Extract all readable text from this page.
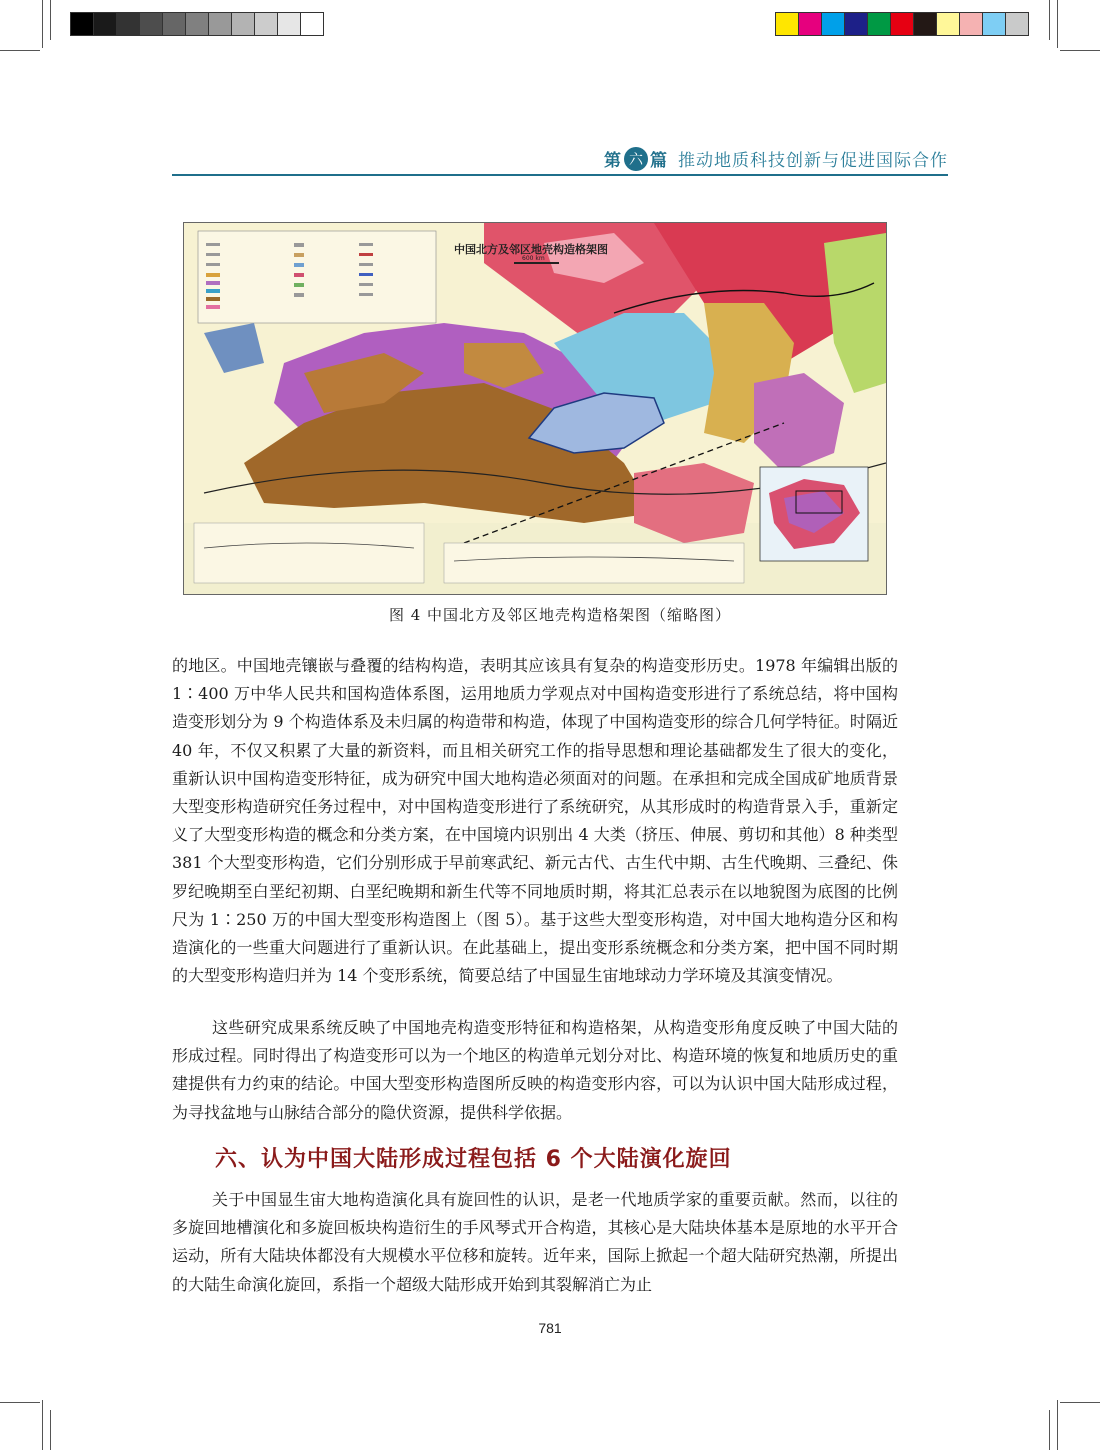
第 六 篇 推动地质科技创新与促进国际合作
中国北方及邻区地壳构造格架图
600 km
图 4 中国北方及邻区地壳构造格架图（缩略图）

的地区。中国地壳镶嵌与叠覆的结构构造，表明其应该具有复杂的构造变形历史。1978 年编辑出版的 1∶400 万中华人民共和国构造体系图，运用地质力学观点对中国构造变形进行了系统总结，将中国构造变形划分为 9 个构造体系及未归属的构造带和构造，体现了中国构造变形的综合几何学特征。时隔近 40 年，不仅又积累了大量的新资料，而且相关研究工作的指导思想和理论基础都发生了很大的变化，重新认识中国构造变形特征，成为研究中国大地构造必须面对的问题。在承担和完成全国成矿地质背景大型变形构造研究任务过程中，对中国构造变形进行了系统研究，从其形成时的构造背景入手，重新定义了大型变形构造的概念和分类方案，在中国境内识别出 4 大类（挤压、伸展、剪切和其他）8 种类型 381 个大型变形构造，它们分别形成于早前寒武纪、新元古代、古生代中期、古生代晚期、三叠纪、侏罗纪晚期至白垩纪初期、白垩纪晚期和新生代等不同地质时期，将其汇总表示在以地貌图为底图的比例尺为 1∶250 万的中国大型变形构造图上（图 5）。基于这些大型变形构造，对中国大地构造分区和构造演化的一些重大问题进行了重新认识。在此基础上，提出变形系统概念和分类方案，把中国不同时期的大型变形构造归并为 14 个变形系统，简要总结了中国显生宙地球动力学环境及其演变情况。

这些研究成果系统反映了中国地壳构造变形特征和构造格架，从构造变形角度反映了中国大陆的形成过程。同时得出了构造变形可以为一个地区的构造单元划分对比、构造环境的恢复和地质历史的重建提供有力约束的结论。中国大型变形构造图所反映的构造变形内容，可以为认识中国大陆形成过程，为寻找盆地与山脉结合部分的隐伏资源，提供科学依据。

六、认为中国大陆形成过程包括 6 个大陆演化旋回

关于中国显生宙大地构造演化具有旋回性的认识，是老一代地质学家的重要贡献。然而，以往的多旋回地槽演化和多旋回板块构造衍生的手风琴式开合构造，其核心是大陆块体基本是原地的水平开合运动，所有大陆块体都没有大规模水平位移和旋转。近年来，国际上掀起一个超大陆研究热潮，所提出的大陆生命演化旋回，系指一个超级大陆形成开始到其裂解消亡为止

781
